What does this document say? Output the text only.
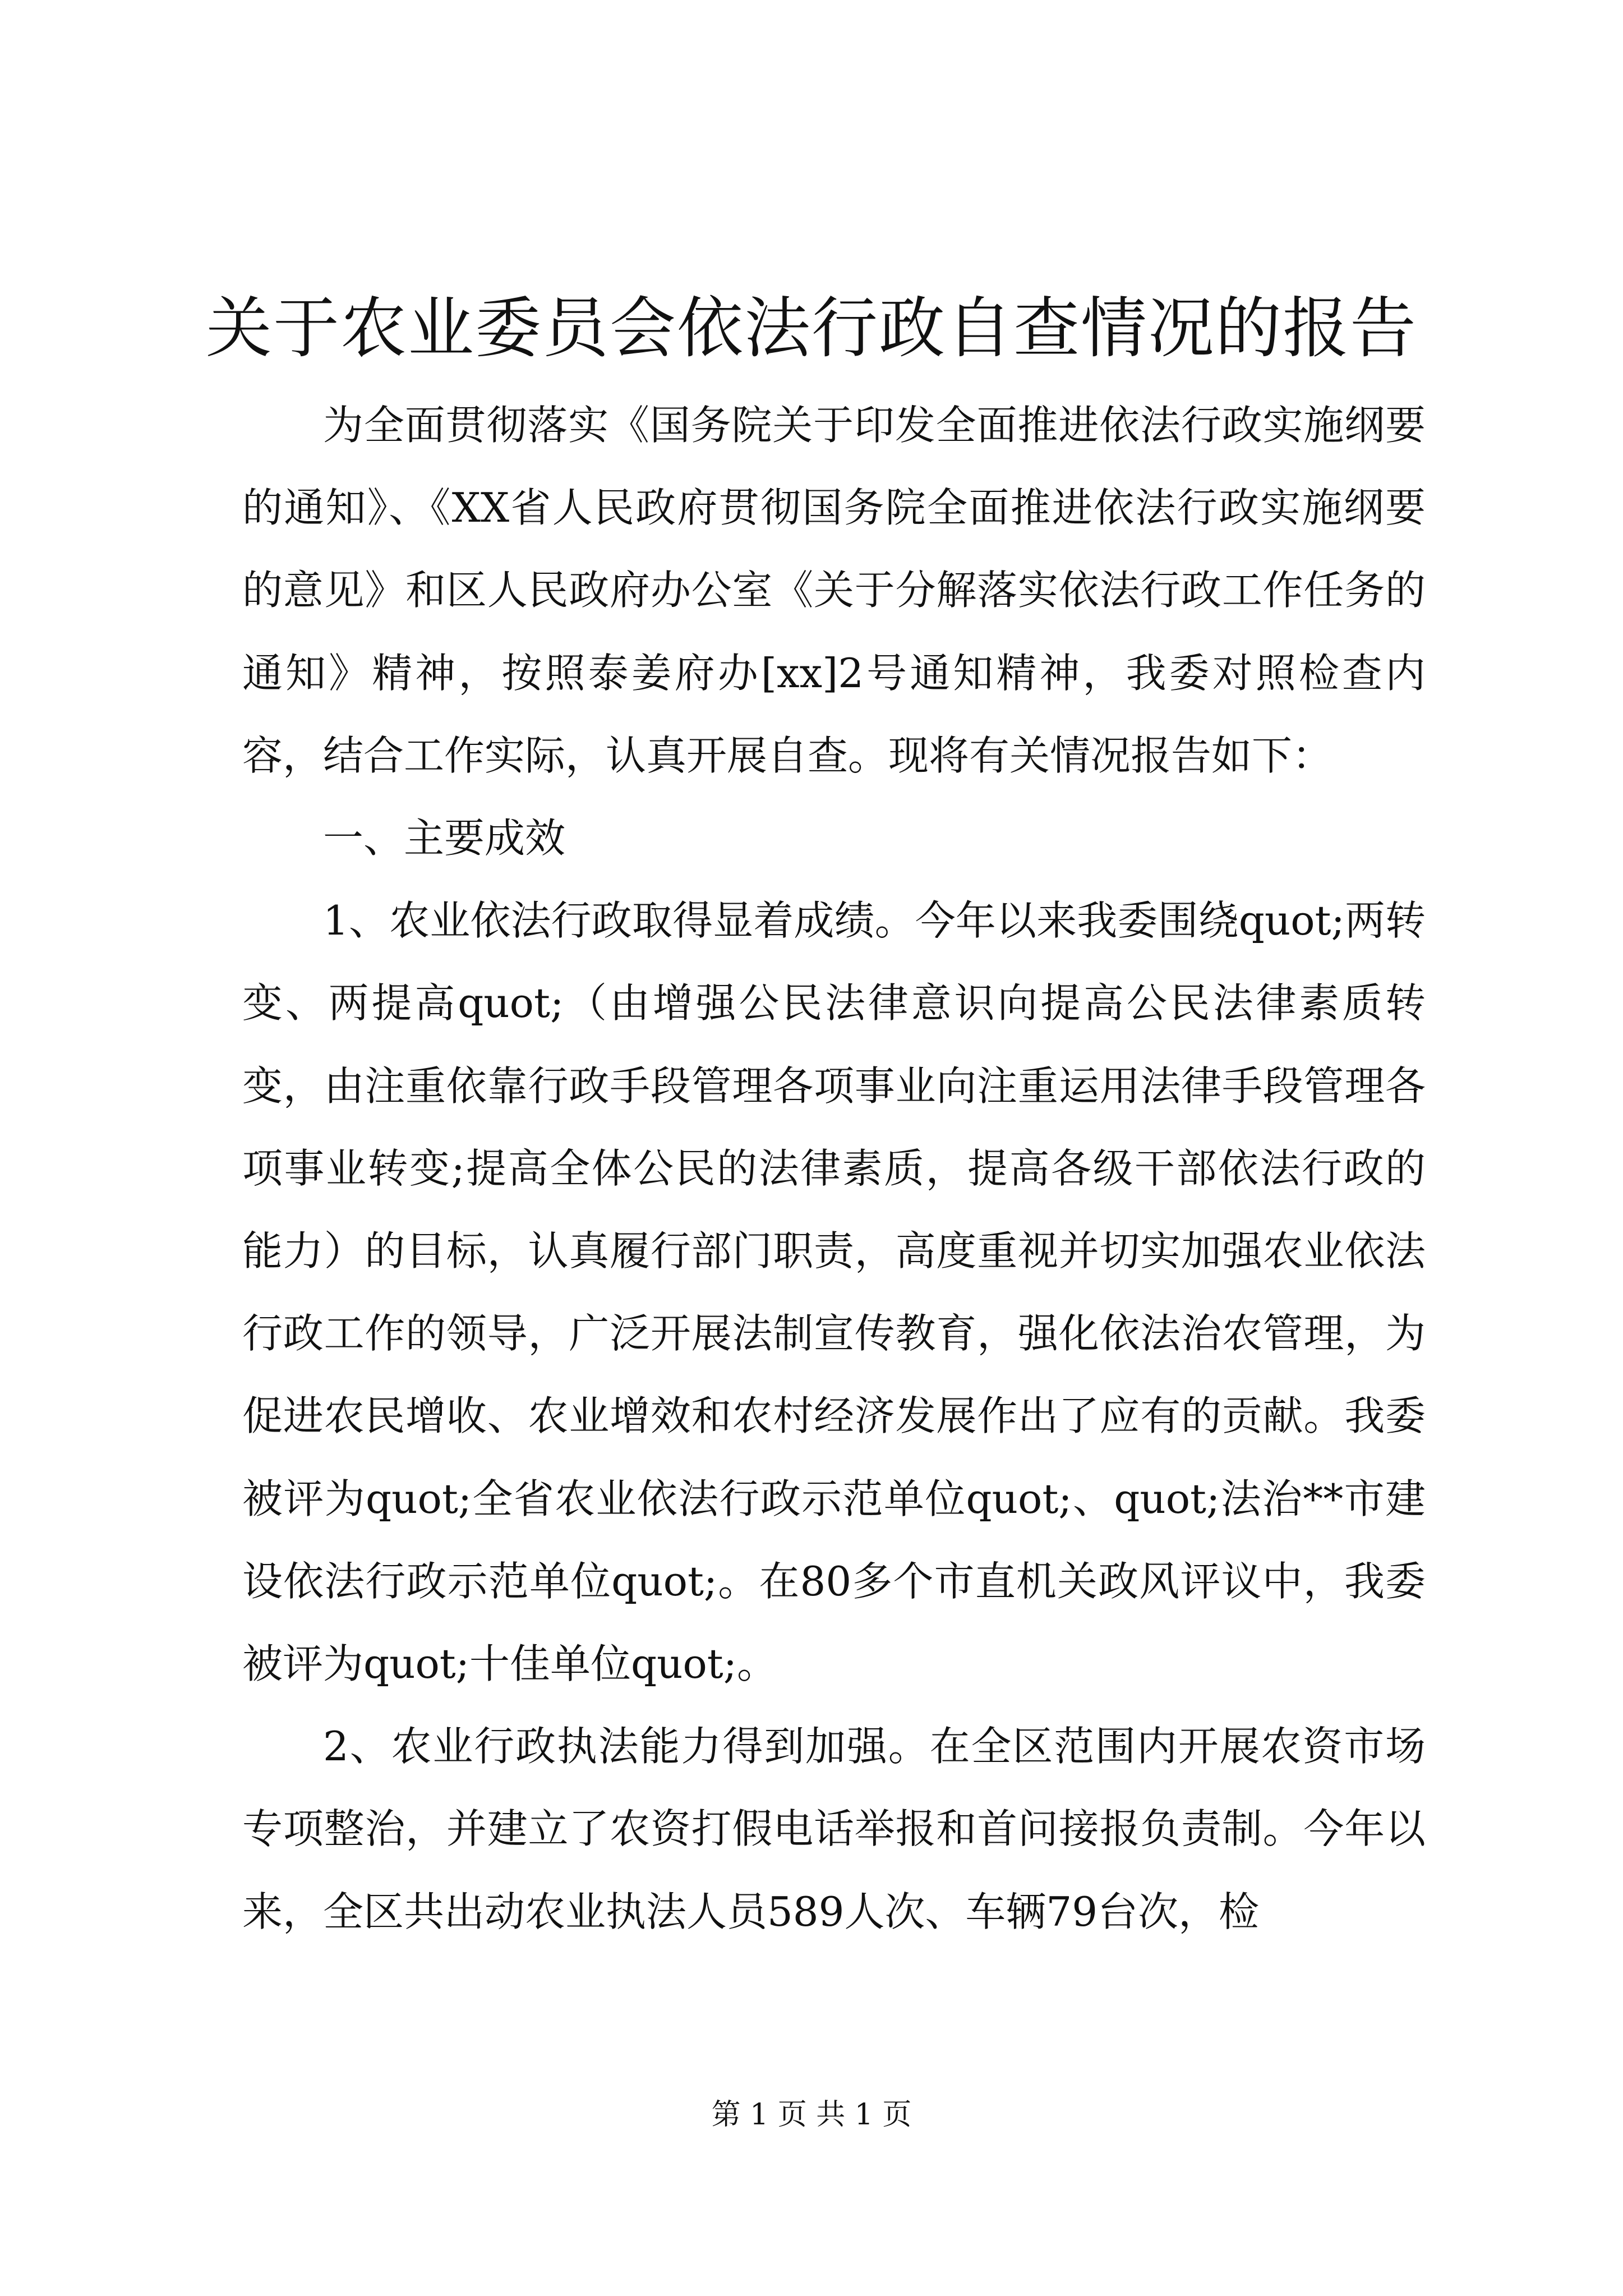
关于农业委员会依法行政自查情况的报告

为全面贯彻落实《国务院关于印发全面推进依法行政实施纲要的通知》、《XX省人民政府贯彻国务院全面推进依法行政实施纲要的意见》和区人民政府办公室《关于分解落实依法行政工作任务的通知》精神，按照泰姜府办[xx]2号通知精神，我委对照检查内容，结合工作实际，认真开展自查。现将有关情况报告如下：

一、主要成效

1、农业依法行政取得显着成绩。今年以来我委围绕quot;两转变、两提高quot;（由增强公民法律意识向提高公民法律素质转变，由注重依靠行政手段管理各项事业向注重运用法律手段管理各项事业转变;提高全体公民的法律素质，提高各级干部依法行政的能力）的目标，认真履行部门职责，高度重视并切实加强农业依法行政工作的领导，广泛开展法制宣传教育，强化依法治农管理，为促进农民增收、农业增效和农村经济发展作出了应有的贡献。我委被评为quot;全省农业依法行政示范单位quot;、quot;法治**市建设依法行政示范单位quot;。在80多个市直机关政风评议中，我委被评为quot;十佳单位quot;。

2、农业行政执法能力得到加强。在全区范围内开展农资市场专项整治，并建立了农资打假电话举报和首问接报负责制。今年以来，全区共出动农业执法人员589人次、车辆79台次，检

第 1 页 共 1 页
